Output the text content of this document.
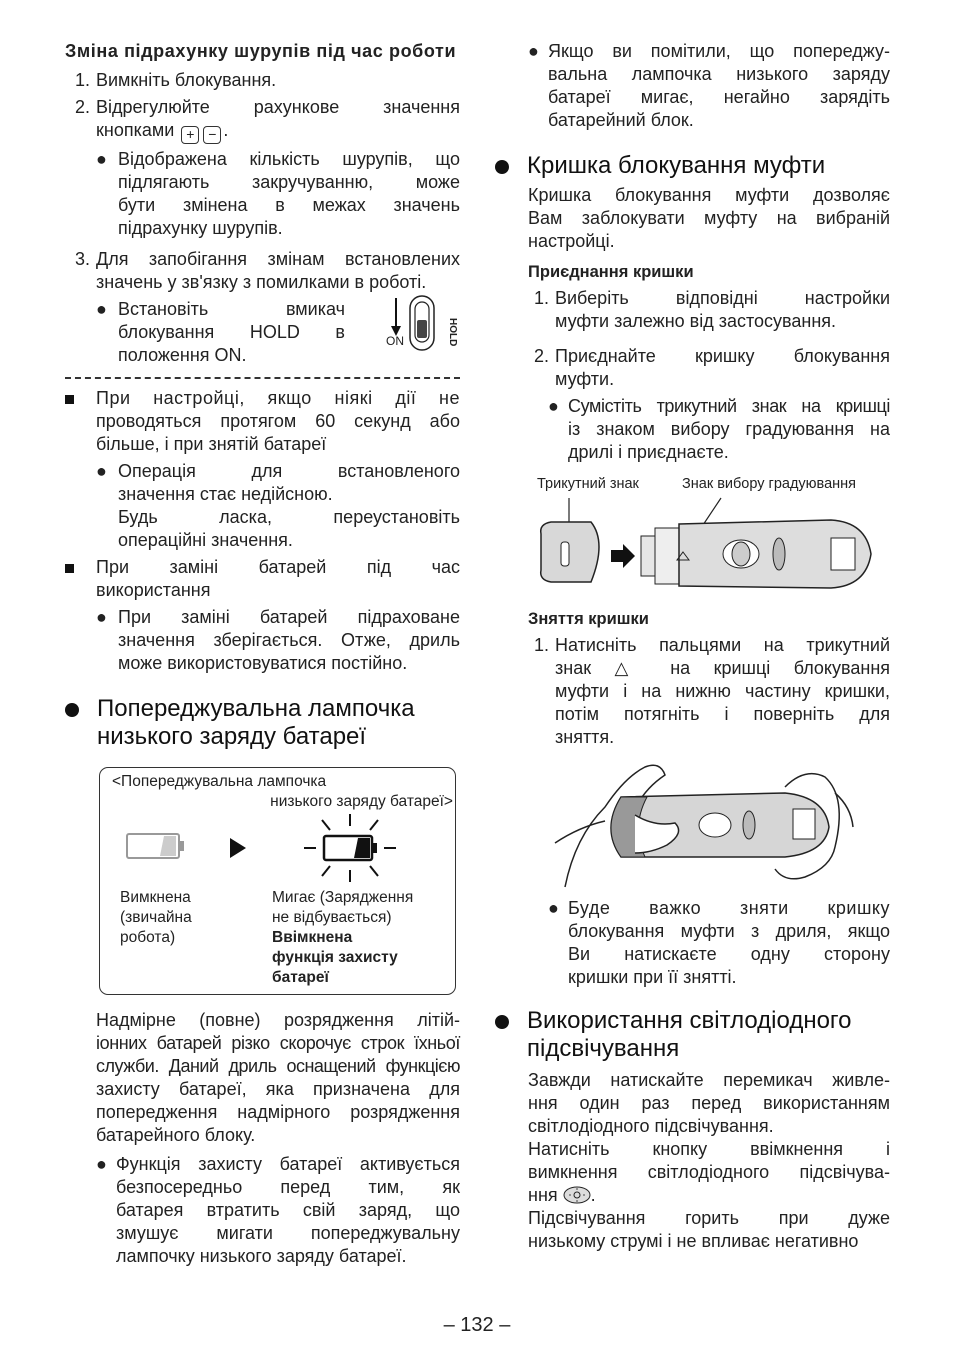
Зміна підрахунку шурупів під час роботи
1. Вимкніть блокування.
2. Відрегулюйте рахункове значення
кнопками + − .
● Відображена кількість шурупів, що
підлягають закручуванню, може
бути змінена в межах значень
підрахунку шурупів.
3. Для запобігання змінам встановлених
значень у зв'язку з помилками в роботі.
● Встановіть вмикач
блокування HOLD в
положення ON.
HOLD
ON
При настройці, якщо ніякі дії не
проводяться протягом 60 секунд або
більше, і при знятій батареї
● Операція для встановленого
значення стає недійсною.
Будь ласка, переустановіть
операційні значення.
При заміні батарей під час
використання
● При заміні батарей підраховане
значення зберігається. Отже, дриль
може використовуватися постійно.
Попереджувальна лампочка
низького заряду батареї
<Попереджувальна лампочка
низького заряду батареї>
Вимкнена
(звичайна
робота)
Мигає (Зарядження
не відбувається)
Ввімкнена
функція захисту
батареї
Надмірне (повне) розрядження літій-
іонних батарей різко скорочує строк їхньої
служби. Даний дриль оснащений функцією
захисту батареї, яка призначена для
попередження надмірного розрядження
батарейного блоку.
● Функція захисту батареї активується
безпосередньо перед тим, як
батарея втратить свій заряд, що
змушує мигати попереджувальну
лампочку низького заряду батареї.
● Якщо ви помітили, що попереджу-
вальна лампочка низького заряду
батареї мигає, негайно зарядіть
батарейний блок.
Кришка блокування муфти
Кришка блокування муфти дозволяє
Вам заблокувати муфту на вибраній
настройці.
Приєднання кришки
1. Виберіть відповідні настройки
муфти залежно від застосування.
2. Приєднайте кришку блокування
муфти.
● Сумістіть трикутний знак на кришці
із знаком вибору градуювання на
дрилі і приєднаєте.
Трикутний знак	Знак вибору градуювання
Зняття кришки
1. Натисніть пальцями на трикутний
знак △ на кришці блокування
муфти і на нижню частину кришки,
потім потягніть і поверніть для
зняття.
● Буде важко зняти кришку
блокування муфти з дриля, якщо
Ви натискаєте одну сторону
кришки при її знятті.
Використання світлодіодного
підсвічування
Завжди натискайте перемикач живле-
ння один раз перед використанням
світлодіодного підсвічування.
Натисніть кнопку ввімкнення і
вимкнення світлодіодного підсвічува-
ння .
Підсвічування горить при дуже
низькому струмі і не впливає негативно
– 132 –
